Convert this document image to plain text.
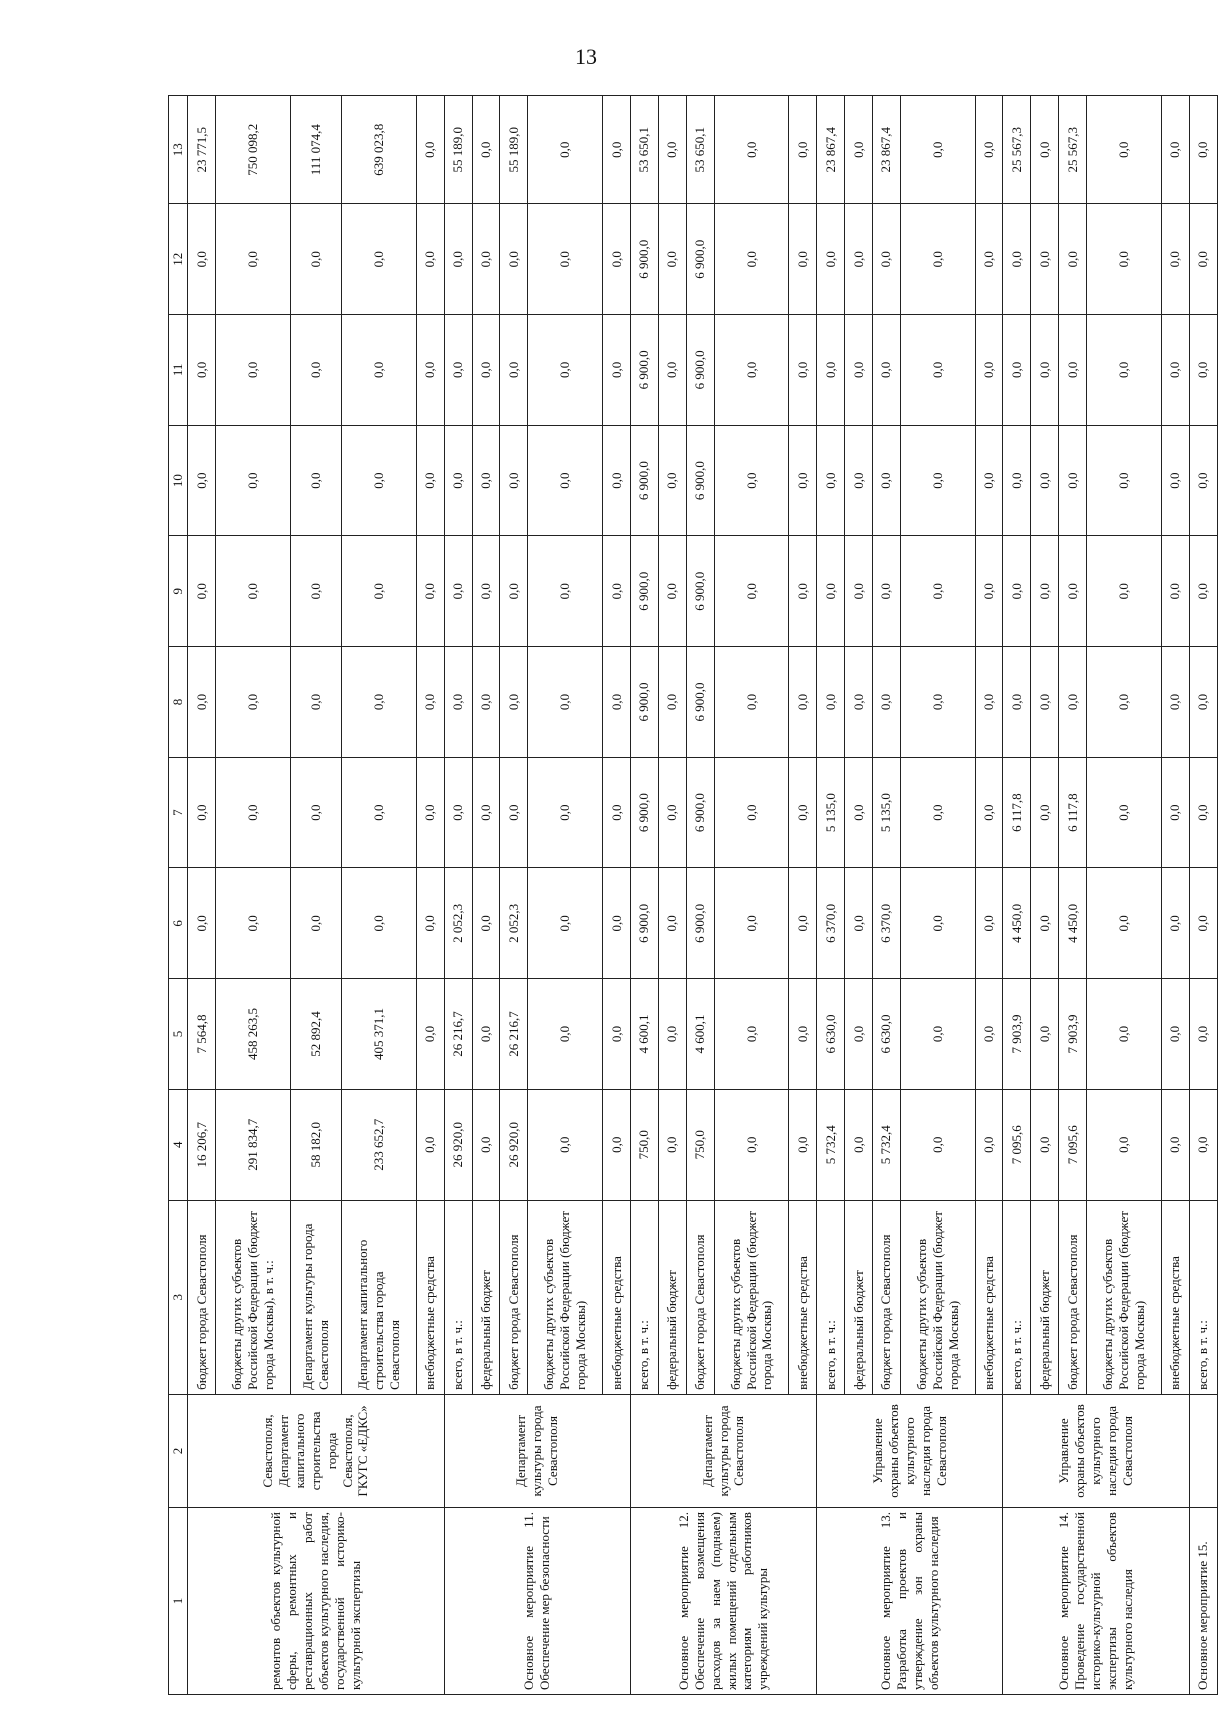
13
1	2	3	4	5	6	7	8	9	10	11	12	13
ремонтов объектов культурной сферы, ремонтных и реставрационных работ объектов культурного наследия, государственной историко-культурной экспертизы	Севастополя, Департамент капитального строительства города Севастополя, ГКУГС «ЕДКС»	бюджет города Севастополя	16 206,7	7 564,8	0,0	0,0	0,0	0,0	0,0	0,0	0,0	23 771,5
		бюджеты других субъектов Российской Федерации (бюджет города Москвы), в т. ч.:	291 834,7	458 263,5	0,0	0,0	0,0	0,0	0,0	0,0	0,0	750 098,2
		Департамент культуры города Севастополя	58 182,0	52 892,4	0,0	0,0	0,0	0,0	0,0	0,0	0,0	111 074,4
		Департамент капитального строительства города Севастополя	233 652,7	405 371,1	0,0	0,0	0,0	0,0	0,0	0,0	0,0	639 023,8
		внебюджетные средства	0,0	0,0	0,0	0,0	0,0	0,0	0,0	0,0	0,0	0,0
Основное мероприятие 11. Обеспечение мер безопасности	Департамент культуры города Севастополя	всего, в т. ч.:	26 920,0	26 216,7	2 052,3	0,0	0,0	0,0	0,0	0,0	0,0	55 189,0
		федеральный бюджет	0,0	0,0	0,0	0,0	0,0	0,0	0,0	0,0	0,0	0,0
		бюджет города Севастополя	26 920,0	26 216,7	2 052,3	0,0	0,0	0,0	0,0	0,0	0,0	55 189,0
		бюджеты других субъектов Российской Федерации (бюджет города Москвы)	0,0	0,0	0,0	0,0	0,0	0,0	0,0	0,0	0,0	0,0
		внебюджетные средства	0,0	0,0	0,0	0,0	0,0	0,0	0,0	0,0	0,0	0,0
Основное мероприятие 12. Обеспечение возмещения расходов за наем (поднаем) жилых помещений отдельным категориям работников учреждений культуры	Департамент культуры города Севастополя	всего, в т. ч.:	750,0	4 600,1	6 900,0	6 900,0	6 900,0	6 900,0	6 900,0	6 900,0	6 900,0	53 650,1
		федеральный бюджет	0,0	0,0	0,0	0,0	0,0	0,0	0,0	0,0	0,0	0,0
		бюджет города Севастополя	750,0	4 600,1	6 900,0	6 900,0	6 900,0	6 900,0	6 900,0	6 900,0	6 900,0	53 650,1
		бюджеты других субъектов Российской Федерации (бюджет города Москвы)	0,0	0,0	0,0	0,0	0,0	0,0	0,0	0,0	0,0	0,0
		внебюджетные средства	0,0	0,0	0,0	0,0	0,0	0,0	0,0	0,0	0,0	0,0
Основное мероприятие 13. Разработка проектов и утверждение зон охраны объектов культурного наследия	Управление охраны объектов культурного наследия города Севастополя	всего, в т. ч.:	5 732,4	6 630,0	6 370,0	5 135,0	0,0	0,0	0,0	0,0	0,0	23 867,4
		федеральный бюджет	0,0	0,0	0,0	0,0	0,0	0,0	0,0	0,0	0,0	0,0
		бюджет города Севастополя	5 732,4	6 630,0	6 370,0	5 135,0	0,0	0,0	0,0	0,0	0,0	23 867,4
		бюджеты других субъектов Российской Федерации (бюджет города Москвы)	0,0	0,0	0,0	0,0	0,0	0,0	0,0	0,0	0,0	0,0
		внебюджетные средства	0,0	0,0	0,0	0,0	0,0	0,0	0,0	0,0	0,0	0,0
Основное мероприятие 14. Проведение государственной историко-культурной экспертизы объектов культурного наследия	Управление охраны объектов культурного наследия города Севастополя	всего, в т. ч.:	7 095,6	7 903,9	4 450,0	6 117,8	0,0	0,0	0,0	0,0	0,0	25 567,3
		федеральный бюджет	0,0	0,0	0,0	0,0	0,0	0,0	0,0	0,0	0,0	0,0
		бюджет города Севастополя	7 095,6	7 903,9	4 450,0	6 117,8	0,0	0,0	0,0	0,0	0,0	25 567,3
		бюджеты других субъектов Российской Федерации (бюджет города Москвы)	0,0	0,0	0,0	0,0	0,0	0,0	0,0	0,0	0,0	0,0
		внебюджетные средства	0,0	0,0	0,0	0,0	0,0	0,0	0,0	0,0	0,0	0,0
Основное мероприятие 15.		всего, в т. ч.:	0,0	0,0	0,0	0,0	0,0	0,0	0,0	0,0	0,0	0,0
